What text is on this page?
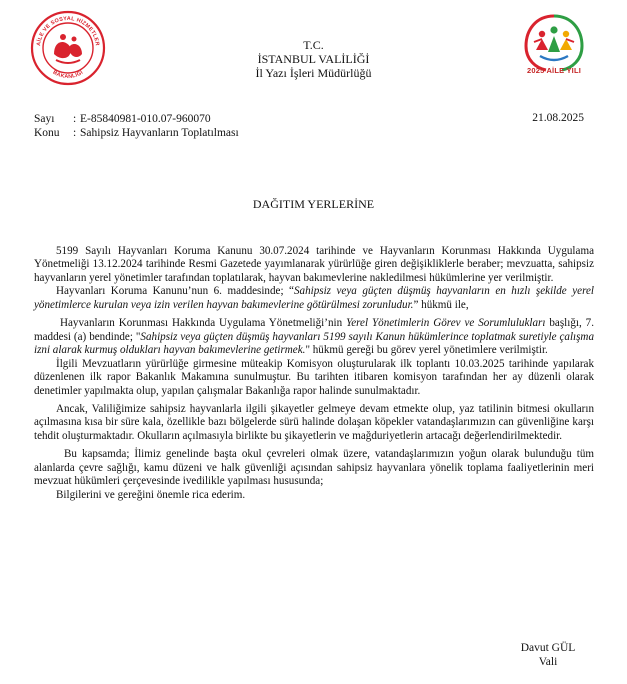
AİLE VE SOSYAL HİZMETLER
BAKANLIĞI	2025 AİLE YILI
T.C.
İSTANBUL VALİLİĞİ
İl Yazı İşleri Müdürlüğü
Sayı : E-85840981-010.07-960070	21.08.2025
Konu : Sahipsiz Hayvanların Toplatılması
DAĞITIM YERLERİNE

5199 Sayılı Hayvanları Koruma Kanunu 30.07.2024 tarihinde ve Hayvanların Korunması Hakkında Uygulama Yönetmeliği 13.12.2024 tarihinde Resmi Gazetede yayımlanarak yürürlüğe giren değişikliklerle beraber; mevzuatta, sahipsiz hayvanların yerel yönetimler tarafından toplatılarak, hayvan bakımevlerine nakledilmesi hükümlerine yer verilmiştir.

Hayvanları Koruma Kanunu’nun 6. maddesinde; “Sahipsiz veya güçten düşmüş hayvanların en hızlı şekilde yerel yönetimlerce kurulan veya izin verilen hayvan bakımevlerine götürülmesi zorunludur.” hükmü ile,

Hayvanların Korunması Hakkında Uygulama Yönetmeliği’nin Yerel Yönetimlerin Görev ve Sorumlulukları başlığı, 7. maddesi (a) bendinde; "Sahipsiz veya güçten düşmüş hayvanları 5199 sayılı Kanun hükümlerince toplatmak suretiyle çalışma izni alarak kurmuş oldukları hayvan bakımevlerine getirmek." hükmü gereği bu görev yerel yönetimlere verilmiştir.

İlgili Mevzuatların yürürlüğe girmesine müteakip Komisyon oluşturularak ilk toplantı 10.03.2025 tarihinde yapılarak düzenlenen ilk rapor Bakanlık Makamına sunulmuştur. Bu tarihten itibaren komisyon tarafından her ay düzenli olarak denetimler yapılmakta olup, yapılan çalışmalar Bakanlığa rapor halinde sunulmaktadır.

Ancak, Valiliğimize sahipsiz hayvanlarla ilgili şikayetler gelmeye devam etmekte olup, yaz tatilinin bitmesi okulların açılmasına kısa bir süre kala, özellikle bazı bölgelerde sürü halinde dolaşan köpekler vatandaşlarımızın can güvenliğine karşı tehdit oluşturmaktadır. Okulların açılmasıyla birlikte bu şikayetlerin ve mağduriyetlerin artacağı değerlendirilmektedir.

Bu kapsamda; İlimiz genelinde başta okul çevreleri olmak üzere, vatandaşlarımızın yoğun olarak bulunduğu tüm alanlarda çevre sağlığı, kamu düzeni ve halk güvenliği açısından sahipsiz hayvanlara yönelik toplama faaliyetlerinin meri mevzuat hükümleri çerçevesinde ivedilikle yapılması hususunda;

Bilgilerini ve gereğini önemle rica ederim.

Davut GÜL
Vali
